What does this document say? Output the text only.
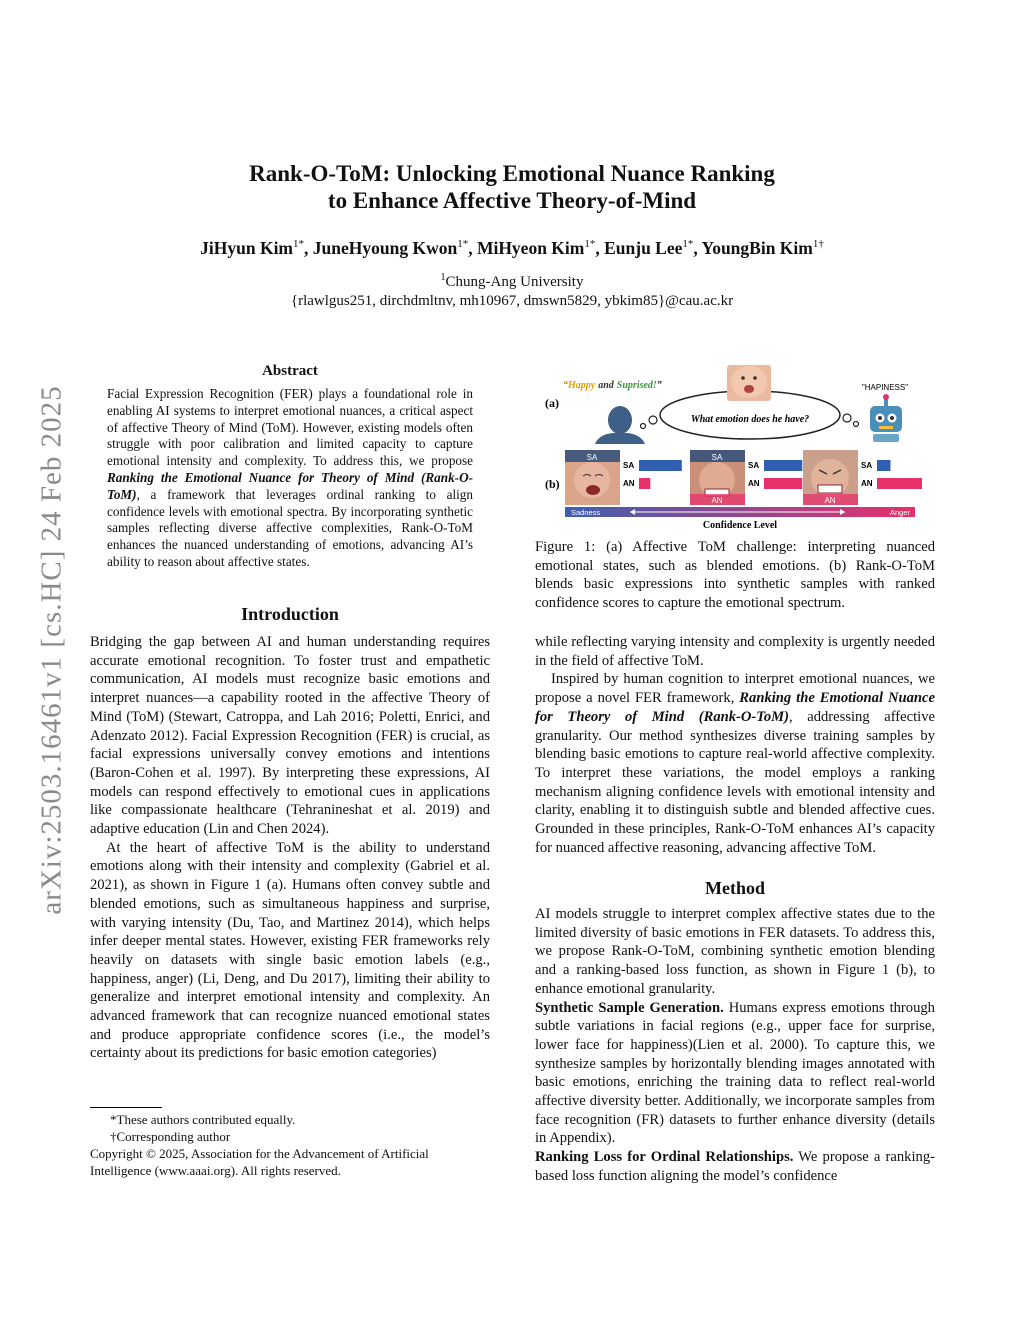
arXiv:2503.16461v1 [cs.HC] 24 Feb 2025
Rank-O-ToM: Unlocking Emotional Nuance Ranking
to Enhance Affective Theory-of-Mind
JiHyun Kim$^{1*}$, JuneHyoung Kwon$^{1*}$, MiHyeon Kim$^{1*}$, Eunju Lee$^{1*}$, YoungBin Kim$^{1\dagger}$
$^1$Chung-Ang University
{rlawlgus251, dirchdmltnv, mh10967, dmswn5829, ybkim85}@cau.ac.kr
Abstract
Facial Expression Recognition (FER) plays a foundational role in enabling AI systems to interpret emotional nuances, a critical aspect of affective Theory of Mind (ToM). However, existing models often struggle with poor calibration and limited capacity to capture emotional intensity and complexity. To address this, we propose Ranking the Emotional Nuance for Theory of Mind (Rank-O-ToM), a framework that leverages ordinal ranking to align confidence levels with emotional spectra. By incorporating synthetic samples reflecting diverse affective complexities, Rank-O-ToM enhances the nuanced understanding of emotions, advancing AI’s ability to reason about affective states.
Introduction

Bridging the gap between AI and human understanding requires accurate emotional recognition. To foster trust and empathetic communication, AI models must recognize basic emotions and interpret nuances—a capability rooted in the affective Theory of Mind (ToM) (Stewart, Catroppa, and Lah 2016; Poletti, Enrici, and Adenzato 2012). Facial Expression Recognition (FER) is crucial, as facial expressions universally convey emotions and intentions (Baron-Cohen et al. 1997). By interpreting these expressions, AI models can respond effectively to emotional cues in applications like compassionate healthcare (Tehranineshat et al. 2019) and adaptive education (Lin and Chen 2024).

At the heart of affective ToM is the ability to understand emotions along with their intensity and complexity (Gabriel et al. 2021), as shown in Figure 1 (a). Humans often convey subtle and blended emotions, such as simultaneous happiness and surprise, with varying intensity (Du, Tao, and Martinez 2014), which helps infer deeper mental states. However, existing FER frameworks rely heavily on datasets with single basic emotion labels (e.g., happiness, anger) (Li, Deng, and Du 2017), limiting their ability to generalize and interpret emotional intensity and complexity. An advanced framework that can recognize nuanced emotional states and produce appropriate confidence scores (i.e., the model’s certainty about its predictions for basic emotion categories)

*These authors contributed equally.
†Corresponding author
Copyright © 2025, Association for the Advancement of Artificial Intelligence (www.aaai.org). All rights reserved.
(a)
“Happy and Suprised!”
What emotion does he have?
"HAPINESS"
(b)
SA	SA
AN	AN
SA
AN
SA
AN
SA
AN
Sadness	Anger
Confidence Level
Figure 1: (a) Affective ToM challenge: interpreting nuanced emotional states, such as blended emotions. (b) Rank-O-ToM blends basic expressions into synthetic samples with ranked confidence scores to capture the emotional spectrum.

while reflecting varying intensity and complexity is urgently needed in the field of affective ToM.

Inspired by human cognition to interpret emotional nuances, we propose a novel FER framework, Ranking the Emotional Nuance for Theory of Mind (Rank-O-ToM), addressing affective granularity. Our method synthesizes diverse training samples by blending basic emotions to capture real-world affective complexity. To interpret these variations, the model employs a ranking mechanism aligning confidence levels with emotional intensity and clarity, enabling it to distinguish subtle and blended affective cues. Grounded in these principles, Rank-O-ToM enhances AI’s capacity for nuanced affective reasoning, advancing affective ToM.

Method

AI models struggle to interpret complex affective states due to the limited diversity of basic emotions in FER datasets. To address this, we propose Rank-O-ToM, combining synthetic emotion blending and a ranking-based loss function, as shown in Figure 1 (b), to enhance emotional granularity.

Synthetic Sample Generation. Humans express emotions through subtle variations in facial regions (e.g., upper face for surprise, lower face for happiness)(Lien et al. 2000). To capture this, we synthesize samples by horizontally blending images annotated with basic emotions, enriching the training data to reflect real-world affective diversity better. Additionally, we incorporate samples from face recognition (FR) datasets to further enhance diversity (details in Appendix).

Ranking Loss for Ordinal Relationships. We propose a ranking-based loss function aligning the model’s confidence
